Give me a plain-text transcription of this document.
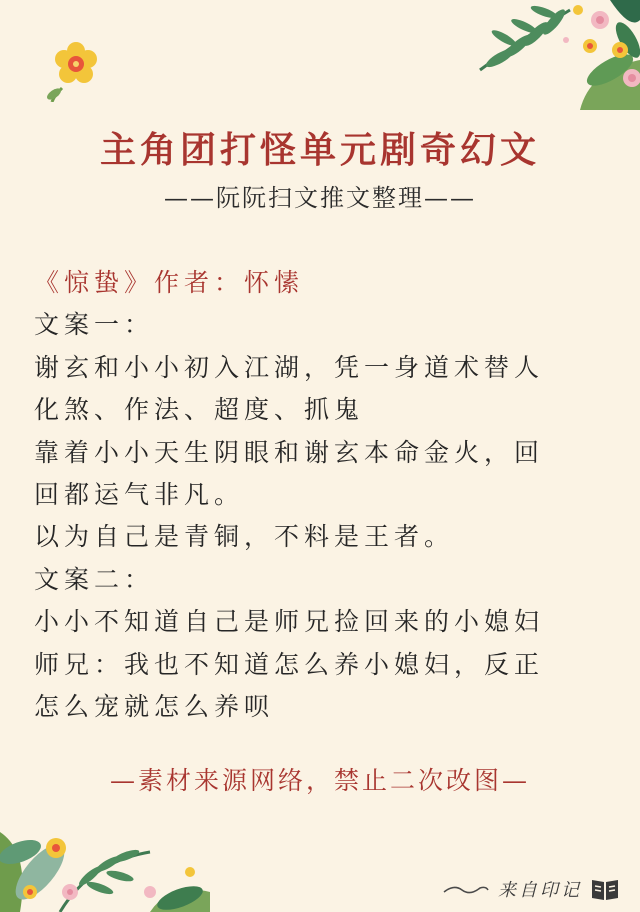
主角团打怪单元剧奇幻文
——阮阮扫文推文整理——
《惊蛰》作者：怀愫
文案一：
谢玄和小小初入江湖，凭一身道术替人
化煞、作法、超度、抓鬼
靠着小小天生阴眼和谢玄本命金火，回
回都运气非凡。
以为自己是青铜，不料是王者。
文案二：
小小不知道自己是师兄捡回来的小媳妇
师兄：我也不知道怎么养小媳妇，反正
怎么宠就怎么养呗
—素材来源网络，禁止二次改图—
来自印记
